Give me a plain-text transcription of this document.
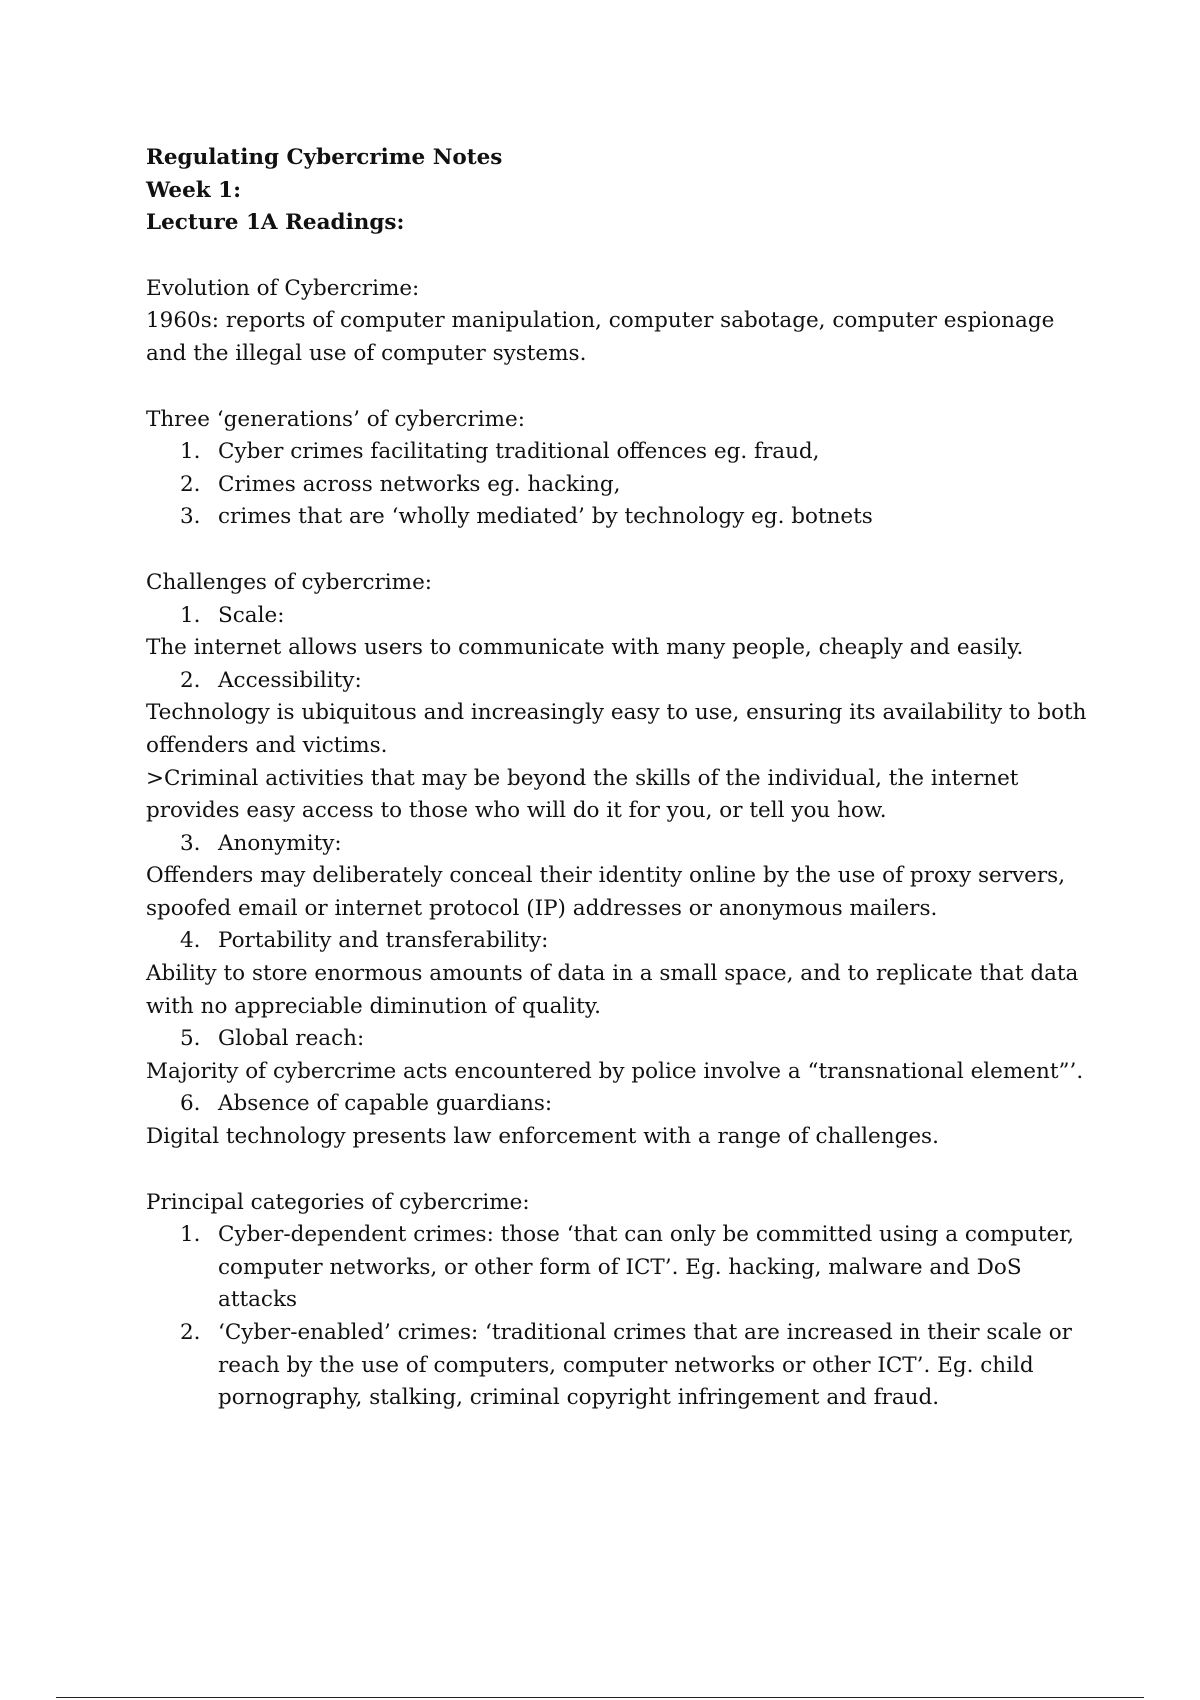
Regulating Cybercrime Notes

Week 1:

Lecture 1A Readings:

Evolution of Cybercrime:

1960s: reports of computer manipulation, computer sabotage, computer espionage and the illegal use of computer systems.

Three ‘generations’ of cybercrime:

1. Cyber crimes facilitating traditional offences eg. fraud,
2. Crimes across networks eg. hacking,
3. crimes that are ‘wholly mediated’ by technology eg. botnets

Challenges of cybercrime:

1. Scale:

The internet allows users to communicate with many people, cheaply and easily.

2. Accessibility:

Technology is ubiquitous and increasingly easy to use, ensuring its availability to both offenders and victims.

>Criminal activities that may be beyond the skills of the individual, the internet provides easy access to those who will do it for you, or tell you how.

3. Anonymity:

Offenders may deliberately conceal their identity online by the use of proxy servers, spoofed email or internet protocol (IP) addresses or anonymous mailers.

4. Portability and transferability:

Ability to store enormous amounts of data in a small space, and to replicate that data with no appreciable diminution of quality.

5. Global reach:

Majority of cybercrime acts encountered by police involve a “transnational element”’.

6. Absence of capable guardians:

Digital technology presents law enforcement with a range of challenges.

Principal categories of cybercrime:

1. Cyber-dependent crimes: those ‘that can only be committed using a computer, computer networks, or other form of ICT’. Eg. hacking, malware and DoS attacks
2. ‘Cyber-enabled’ crimes: ‘traditional crimes that are increased in their scale or reach by the use of computers, computer networks or other ICT’. Eg. child pornography, stalking, criminal copyright infringement and fraud.
